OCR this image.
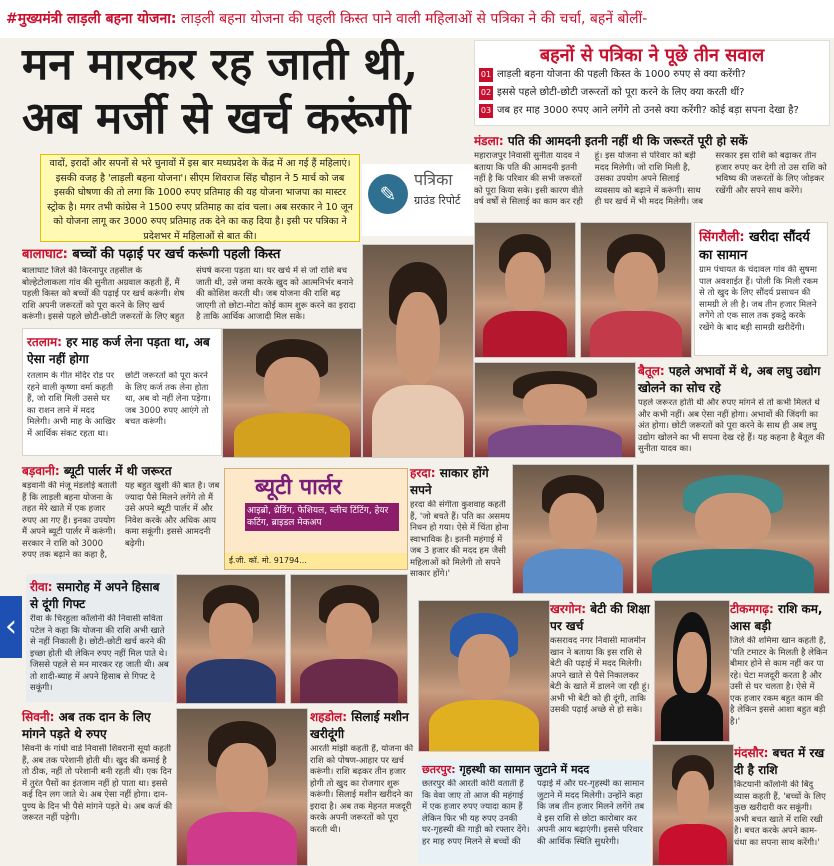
#मुख्यमंत्री लाड़ली बहना योजना: लाड़ली बहना योजना की पहली किस्त पाने वाली महिलाओं से पत्रिका ने की चर्चा, बहनें बोलीं-
मन मारकर रह जाती थी,
अब मर्जी से खर्च करूंगी
बहनों से पत्रिका ने पूछे तीन सवाल
01 लाड़ली बहना योजना की पहली किस्त के 1000 रुपए से क्या करेंगी?
02 इससे पहले छोटी-छोटी जरूरतों को पूरा करने के लिए क्या करती थीं?
03 जब हर माह 3000 रुपए आने लगेंगे तो उनसे क्या करेंगी? कोई बड़ा सपना देखा है?
वादों, इरादों और सपनों से भरे चुनावों में इस बार मध्यप्रदेश के केंद्र में आ गई हैं महिलाएं। इसकी वजह है 'लाड़ली बहना योजना'। सीएम शिवराज सिंह चौहान ने 5 मार्च को जब इसकी घोषणा की तो लगा कि 1000 रुपए प्रतिमाह की यह योजना भाजपा का मास्टर स्ट्रोक है। मगर तभी कांग्रेस ने 1500 रुपए प्रतिमाह का दांव चला। अब सरकार ने 10 जून को योजना लागू कर 3000 रुपए प्रतिमाह तक देने का कह दिया है। इसी पर पत्रिका ने प्रदेशभर में महिलाओं से बात की।
✎
पत्रिका
ग्राउंड रिपोर्ट
मंडला: पति की आमदनी इतनी नहीं थी कि जरूरतें पूरी हो सकें
महाराजपुर निवासी सुनीता यादव ने बताया कि पति की आमदनी इतनी नहीं है कि परिवार की सभी जरूरतों को पूरा किया सके। इसी कारण वीते वर्ष वर्षों से सिलाई का काम कर रही हूं। इस योजना से परिवार को बड़ी मदद मिलेगी। जो राशि मिली है, उसका उपयोग अपने सिलाई व्यवसाय को बढ़ाने में करूंगी। साथ ही घर खर्च में भी मदद मिलेगी। जब सरकार इस राशि को बढ़ाकर तीन हजार रुपए कर देगी तो उस राशि को भविष्य की जरूरतों के लिए जोड़कर रखेंगी और सपने साथ करेंगे।
बालाघाट: बच्चों की पढ़ाई पर खर्च करूंगी पहली किस्त
बालाघाट जिले की किरनापुर तहसील के बोल्हेटोलाकला गांव की सुनीता अग्रवाल कहती हैं, मैं पहली किस्त को बच्चों की पढ़ाई पर खर्च करूंगी। शेष राशि अपनी जरूरतों को पूरा करने के लिए खर्च करूंगी। इससे पहले छोटी-छोटी जरूरतों के लिए बहुत संघर्ष करना पड़ता था। घर खर्च में से जो राशि बच जाती थी, उसे जमा करके खुद को आत्मनिर्भर बनाने की कोशिश करती थी। जब योजना की राशि बढ़ जाएगी तो छोटा-मोटा कोई काम शुरू करने का इरादा है ताकि आर्थिक आजादी मिल सके।
सिंगरौली: खरीदा सौंदर्य का सामान
ग्राम पंचायत के चंदावल गांव की सुषमा पाल अवशाईत हैं। पोली कि मिली रकम से तो खुद के लिए सौंदर्य प्रसाधन की सामग्री ले ली है। जब तीन हजार मिलने लगेंगे तो एक साल तक इकट्ठे करके रखेंगे के बाद बड़ी सामग्री खरीदेंगी।
रतलाम: हर माह कर्ज लेना पड़ता था, अब ऐसा नहीं होगा
रतलाम के गीत मंदिर रोड पर रहने वाली कृष्णा वर्मा कहती हैं, जो राशि मिली उससे घर का राशन लाने में मदद मिलेगी। अभी माह के आखिर में आर्थिक संकट रहता था। छोटी जरूरतों को पूरा करने के लिए कर्ज तक लेना होता था, अब वो नहीं लेना पड़ेगा। जब 3000 रुपए आएंगे तो बचत करूंगी।
बैतूल: पहले अभावों में थे, अब लघु उद्योग खोलने का सोच रहे
पहले जरूरत होती थी और रुपए मांगने से तो कभी मिलते थे और कभी नहीं। अब ऐसा नहीं होगा। अभावों की जिंदगी का अंत होगा। छोटी जरूरतों को पूरा करने के साथ ही अब लघु उद्योग खोलने का भी सपना देख रहे हैं। यह कहना है बैतूल की सुनीता यादव का।
बड़वानी: ब्यूटी पार्लर में थी जरूरत
बड़वानी की मंजू मंडलोई बताती हैं कि लाड़ली बहना योजना के तहत मेरे खाते में एक हजार रुपए आ गए हैं। इनका उपयोग मैं अपने ब्यूटी पार्लर में करूंगी। सरकार ने राशि को 3000 रुपए तक बढ़ाने का कहा है, यह बहुत खुशी की बात है। जब ज्यादा पैसे मिलने लगेंगे तो मैं उसे अपने ब्यूटी पार्लर में और निवेश करके और अधिक आय कमा सकूंगी। इससे आमदनी बढ़ेगी।
ब्यूटी पार्लर
आइब्रो, थ्रेडिंग, फेशियल, ब्लीच टिंटिंग, हेयर कटिंग, ब्राइडल मेकअप
ई.जी. कॉ. मो. 91794...
हरदा: साकार होंगे सपने
हरदा की संगीता कुशवाह कहती हैं, 'जो बचते हैं। पति का असमय निधन हो गया। ऐसे में चिंता होना स्वाभाविक है। इतनी महंगाई में जब 3 हजार की मदद हम जैसी महिलाओं को मिलेगी तो सपने साकार होंगे।'
‹
रीवा: समारोह में अपने हिसाब से दूंगी गिफ्ट
रीवा के चिरहुला कॉलोनी की निवासी सविता पटेल ने कहा कि योजना की राशि अभी खाते से नहीं निकाली है। छोटी-छोटी खर्च करने की इच्छा होती थी लेकिन रुपए नहीं मिल पाते थे। जिससे पहले से मन मारकर रह जाती थी। अब तो शादी-ब्याह में अपने हिसाब से गिफ्ट दे सकूंगी।
खरगोन: बेटी की शिक्षा पर खर्च
कसरावद नगर निवासी माजमीन खान ने बताया कि इस राशि से बेटी की पढ़ाई में मदद मिलेगी। अपने खाते से पैसे निकालकर बेटी के खाते में डालने जा रही हूं। अभी भी बेटी को ही दूंगी, ताकि उसकी पढ़ाई अच्छे से हो सके।
टीकमगढ़: राशि कम, आस बड़ी
जिले की शमिमा खान कहती हैं, 'पति टमाटर के मिलती है लेकिन बीमार होने से काम नहीं कर पा रहे। घेटा मजदूरी करता है और उसी से घर चलता है। ऐसे में एक हजार रकम बहुत काम की है लेकिन इससे आशा बहुत बड़ी है।'
सिवनी: अब तक दान के लिए मांगने पड़ते थे रुपए
सिवनी के गांधी वार्ड निवासी शिवरानी सूर्या कहती हैं, अब तक परेशानी होती थी। खुद की कमाई है तो ठीक, नहीं तो परेशानी बनी रहती थी। एक दिन में तुरंत पैसों का इंतजाम नहीं हो पाता था। इससे कई दिन लग जाते थे। अब ऐसा नहीं होगा। दान-पुण्य के दिन भी पैसे मांगने पड़ते थे। अब कर्ज की जरूरत नहीं पड़ेगी।
शहडोल: सिलाई मशीन खरीदूंगी
आरती मांझी कहती हैं, योजना की राशि को पोषण-आहार पर खर्च करूंगी। राशि बढ़कर तीन हजार होगी तो खुद का रोजगार शुरू करूंगी। सिलाई मशीन खरीदने का इरादा है। अब तक मेहनत मजदूरी करके अपनी जरूरतों को पूरा करती थी।
छतरपुर: गृहस्थी का सामान जुटाने में मदद
छतरपुर की आरती कोरी वताती हैं कि वेवा जाए तो आज की महंगाई में एक हजार रुपए ज्यादा काम हैं लेकिन फिर भी यह रुपए उनकी घर-गृहस्थी की गाड़ी को रफ्तार देंगे। हर माह रुपए मिलने से बच्चों की पढ़ाई में और घर-गृहस्थी का सामान जुटाने में मदद मिलेगी। उन्होंने कहा कि जब तीन हजार मिलने लगेंगे तब वे इस राशि से छोटा कारोबार कर अपनी आय बढ़ाएंगी। इससे परिवार की आर्थिक स्थिति सुधरेगी।
मंदसौर: बचत में रख दी है राशि
किटयानी कॉलोनी की बिंदु व्यास कहती हैं, 'बच्चों के लिए कुछ खरीदारी कर सकूंगी। अभी बचत खाते में राशि रखी है। बचत करके अपने काम-धंधा का सपना साथ करेंगी।'
